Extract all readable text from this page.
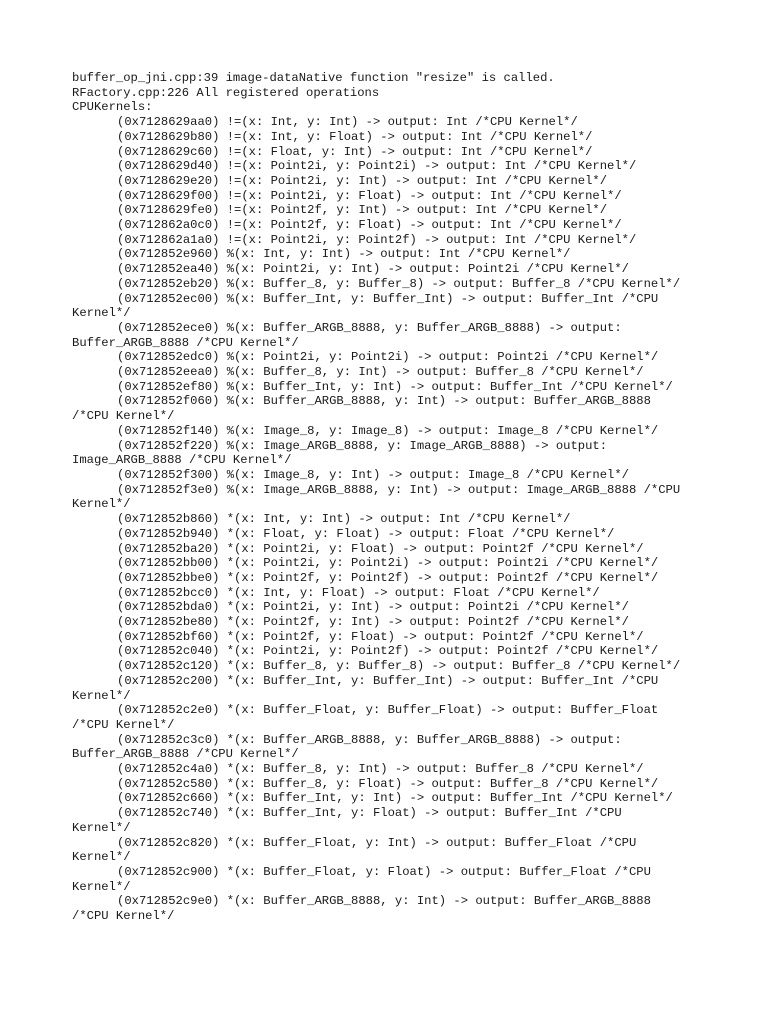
buffer_op_jni.cpp:39 image-dataNative function "resize" is called.
RFactory.cpp:226 All registered operations
CPUKernels:
(0x7128629aa0) !=(x: Int, y: Int) -> output: Int /*CPU Kernel*/
(0x7128629b80) !=(x: Int, y: Float) -> output: Int /*CPU Kernel*/
(0x7128629c60) !=(x: Float, y: Int) -> output: Int /*CPU Kernel*/
(0x7128629d40) !=(x: Point2i, y: Point2i) -> output: Int /*CPU Kernel*/
(0x7128629e20) !=(x: Point2i, y: Int) -> output: Int /*CPU Kernel*/
(0x7128629f00) !=(x: Point2i, y: Float) -> output: Int /*CPU Kernel*/
(0x7128629fe0) !=(x: Point2f, y: Int) -> output: Int /*CPU Kernel*/
(0x712862a0c0) !=(x: Point2f, y: Float) -> output: Int /*CPU Kernel*/
(0x712862a1a0) !=(x: Point2i, y: Point2f) -> output: Int /*CPU Kernel*/
(0x712852e960) %(x: Int, y: Int) -> output: Int /*CPU Kernel*/
(0x712852ea40) %(x: Point2i, y: Int) -> output: Point2i /*CPU Kernel*/
(0x712852eb20) %(x: Buffer_8, y: Buffer_8) -> output: Buffer_8 /*CPU Kernel*/
(0x712852ec00) %(x: Buffer_Int, y: Buffer_Int) -> output: Buffer_Int /*CPU
Kernel*/
(0x712852ece0) %(x: Buffer_ARGB_8888, y: Buffer_ARGB_8888) -> output:
Buffer_ARGB_8888 /*CPU Kernel*/
(0x712852edc0) %(x: Point2i, y: Point2i) -> output: Point2i /*CPU Kernel*/
(0x712852eea0) %(x: Buffer_8, y: Int) -> output: Buffer_8 /*CPU Kernel*/
(0x712852ef80) %(x: Buffer_Int, y: Int) -> output: Buffer_Int /*CPU Kernel*/
(0x712852f060) %(x: Buffer_ARGB_8888, y: Int) -> output: Buffer_ARGB_8888
/*CPU Kernel*/
(0x712852f140) %(x: Image_8, y: Image_8) -> output: Image_8 /*CPU Kernel*/
(0x712852f220) %(x: Image_ARGB_8888, y: Image_ARGB_8888) -> output:
Image_ARGB_8888 /*CPU Kernel*/
(0x712852f300) %(x: Image_8, y: Int) -> output: Image_8 /*CPU Kernel*/
(0x712852f3e0) %(x: Image_ARGB_8888, y: Int) -> output: Image_ARGB_8888 /*CPU
Kernel*/
(0x712852b860) *(x: Int, y: Int) -> output: Int /*CPU Kernel*/
(0x712852b940) *(x: Float, y: Float) -> output: Float /*CPU Kernel*/
(0x712852ba20) *(x: Point2i, y: Float) -> output: Point2f /*CPU Kernel*/
(0x712852bb00) *(x: Point2i, y: Point2i) -> output: Point2i /*CPU Kernel*/
(0x712852bbe0) *(x: Point2f, y: Point2f) -> output: Point2f /*CPU Kernel*/
(0x712852bcc0) *(x: Int, y: Float) -> output: Float /*CPU Kernel*/
(0x712852bda0) *(x: Point2i, y: Int) -> output: Point2i /*CPU Kernel*/
(0x712852be80) *(x: Point2f, y: Int) -> output: Point2f /*CPU Kernel*/
(0x712852bf60) *(x: Point2f, y: Float) -> output: Point2f /*CPU Kernel*/
(0x712852c040) *(x: Point2i, y: Point2f) -> output: Point2f /*CPU Kernel*/
(0x712852c120) *(x: Buffer_8, y: Buffer_8) -> output: Buffer_8 /*CPU Kernel*/
(0x712852c200) *(x: Buffer_Int, y: Buffer_Int) -> output: Buffer_Int /*CPU
Kernel*/
(0x712852c2e0) *(x: Buffer_Float, y: Buffer_Float) -> output: Buffer_Float
/*CPU Kernel*/
(0x712852c3c0) *(x: Buffer_ARGB_8888, y: Buffer_ARGB_8888) -> output:
Buffer_ARGB_8888 /*CPU Kernel*/
(0x712852c4a0) *(x: Buffer_8, y: Int) -> output: Buffer_8 /*CPU Kernel*/
(0x712852c580) *(x: Buffer_8, y: Float) -> output: Buffer_8 /*CPU Kernel*/
(0x712852c660) *(x: Buffer_Int, y: Int) -> output: Buffer_Int /*CPU Kernel*/
(0x712852c740) *(x: Buffer_Int, y: Float) -> output: Buffer_Int /*CPU
Kernel*/
(0x712852c820) *(x: Buffer_Float, y: Int) -> output: Buffer_Float /*CPU
Kernel*/
(0x712852c900) *(x: Buffer_Float, y: Float) -> output: Buffer_Float /*CPU
Kernel*/
(0x712852c9e0) *(x: Buffer_ARGB_8888, y: Int) -> output: Buffer_ARGB_8888
/*CPU Kernel*/
